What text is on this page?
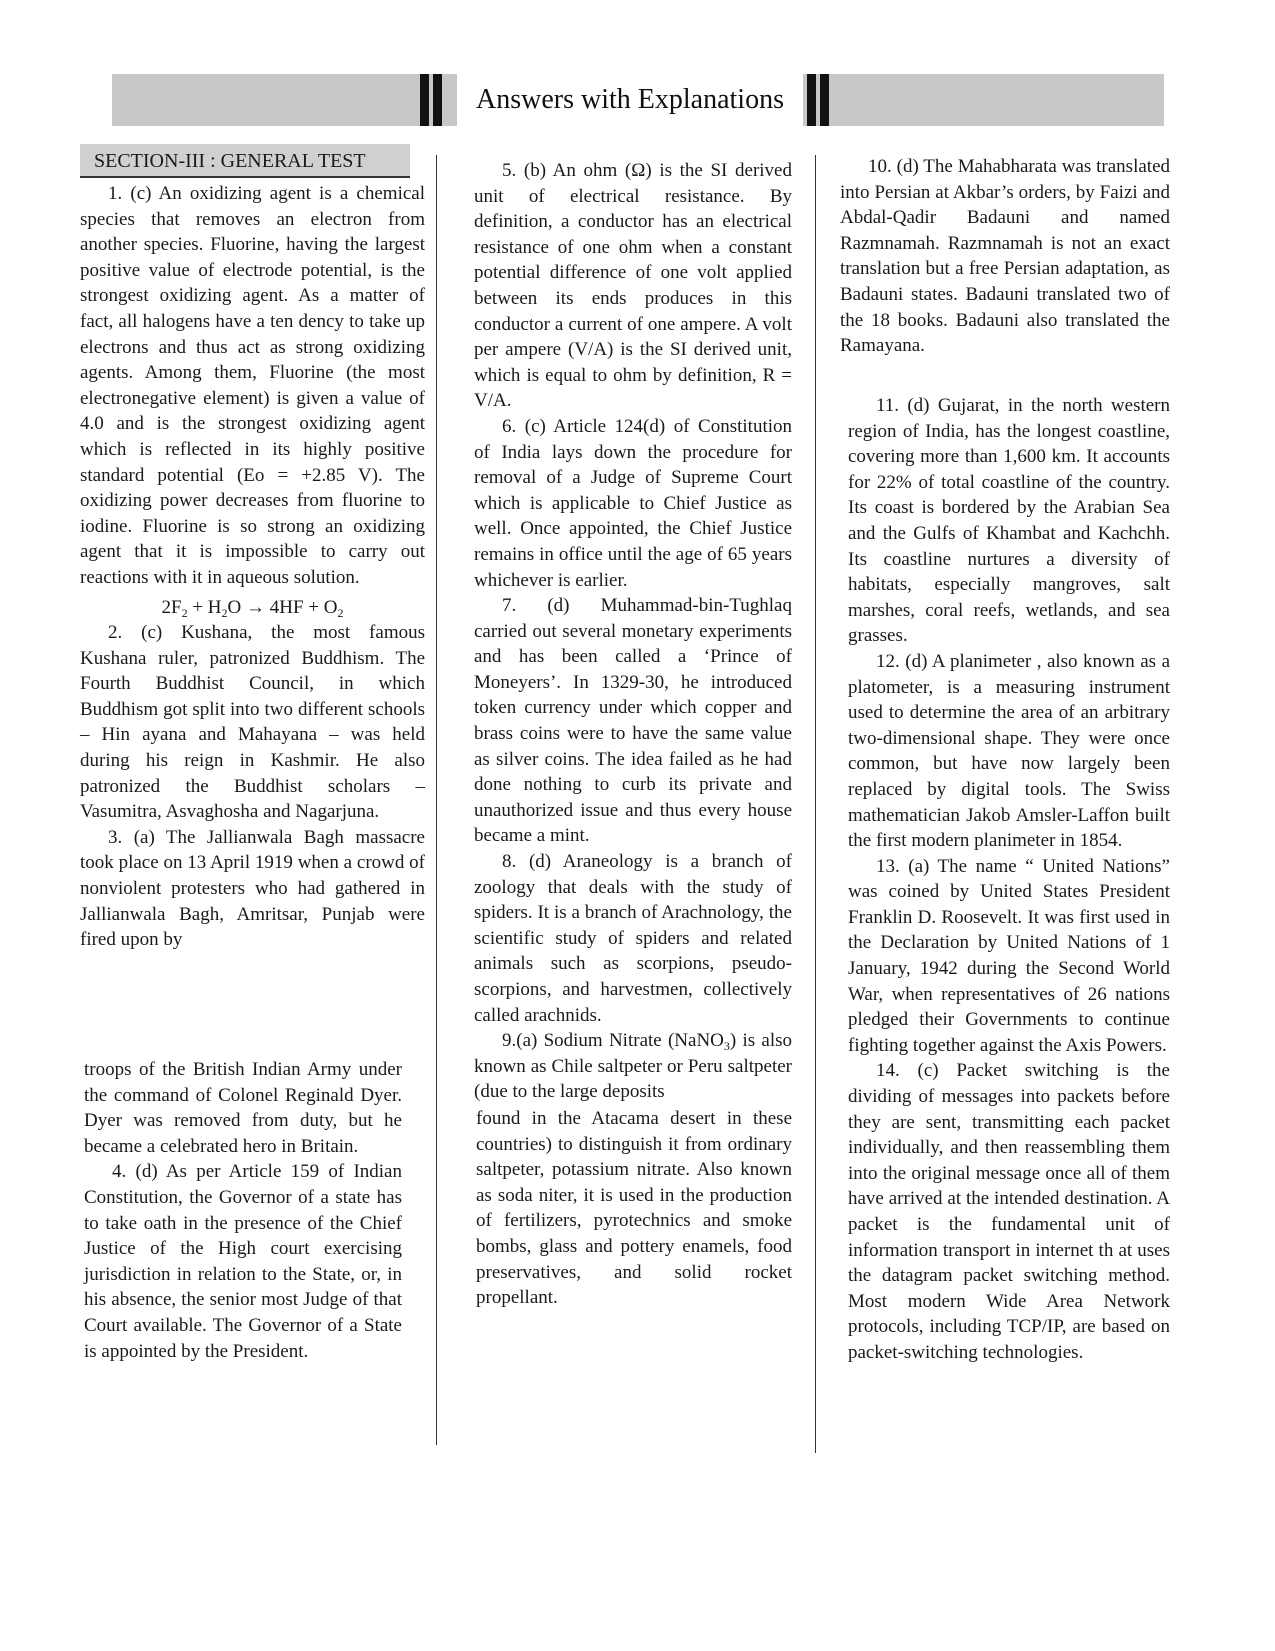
Answers with Explanations
SECTION-III : GENERAL TEST

1. (c) An oxidizing agent is a chemical species that removes an electron from another species. Fluorine, having the largest positive value of electrode potential, is the strongest oxidizing agent. As a matter of fact, all halogens have a ten dency to take up electrons and thus act as strong oxidizing agents. Among them, Fluorine (the most electronegative element) is given a value of 4.0 and is the strongest oxidizing agent which is reflected in its highly positive standard potential (Eo = +2.85 V). The oxidizing power decreases from fluorine to iodine. Fluorine is so strong an oxidizing agent that it is impossible to carry out reactions with it in aqueous solution.

$2F_2 + H_2O \to 4HF + O_2$

2. (c) Kushana, the most famous Kushana ruler, patronized Buddhism. The Fourth Buddhist Council, in which Buddhism got split into two different schools – Hin ayana and Mahayana – was held during his reign in Kashmir. He also patronized the Buddhist scholars – Vasumitra, Asvaghosha and Nagarjuna.

3. (a) The Jallianwala Bagh massacre took place on 13 April 1919 when a crowd of nonviolent protesters who had gathered in Jallianwala Bagh, Amritsar, Punjab were fired upon by

troops of the British Indian Army under the command of Colonel Reginald Dyer. Dyer was removed from duty, but he became a celebrated hero in Britain.

4. (d) As per Article 159 of Indian Constitution, the Governor of a state has to take oath in the presence of the Chief Justice of the High court exercising jurisdiction in relation to the State, or, in his absence, the senior most Judge of that Court available. The Governor of a State is appointed by the President.

5. (b) An ohm (Ω) is the SI derived unit of electrical resistance. By definition, a conductor has an electrical resistance of one ohm when a constant potential difference of one volt applied between its ends produces in this conductor a current of one ampere. A volt per ampere (V/A) is the SI derived unit, which is equal to ohm by definition, R = V/A.

6. (c) Article 124(d) of Constitution of India lays down the procedure for removal of a Judge of Supreme Court which is applicable to Chief Justice as well. Once appointed, the Chief Justice remains in office until the age of 65 years whichever is earlier.

7. (d) Muhammad-bin-Tughlaq carried out several monetary experiments and has been called a ‘Prince of Moneyers’. In 1329-30, he introduced token currency under which copper and brass coins were to have the same value as silver coins. The idea failed as he had done nothing to curb its private and unauthorized issue and thus every house became a mint.

8. (d) Araneology is a branch of zoology that deals with the study of spiders. It is a branch of Arachnology, the scientific study of spiders and related animals such as scorpions, pseudo-scorpions, and harvestmen, collectively called arachnids.

9.(a) Sodium Nitrate (NaNO$_3$) is also known as Chile saltpeter or Peru saltpeter (due to the large deposits

found in the Atacama desert in these countries) to distinguish it from ordinary saltpeter, potassium nitrate. Also known as soda niter, it is used in the production of fertilizers, pyrotechnics and smoke bombs, glass and pottery enamels, food preservatives, and solid rocket propellant.

10. (d) The Mahabharata was translated into Persian at Akbar’s orders, by Faizi and Abdal-Qadir Badauni and named Razmnamah. Razmnamah is not an exact translation but a free Persian adaptation, as Badauni states. Badauni translated two of the 18 books. Badauni also translated the Ramayana.

11. (d) Gujarat, in the north western region of India, has the longest coastline, covering more than 1,600 km. It accounts for 22% of total coastline of the country. Its coast is bordered by the Arabian Sea and the Gulfs of Khambat and Kachchh. Its coastline nurtures a diversity of habitats, especially mangroves, salt marshes, coral reefs, wetlands, and sea grasses.

12. (d) A planimeter , also known as a platometer, is a measuring instrument used to determine the area of an arbitrary two-dimensional shape. They were once common, but have now largely been replaced by digital tools. The Swiss mathematician Jakob Amsler-Laffon built the first modern planimeter in 1854.

13. (a) The name “ United Nations” was coined by United States President Franklin D. Roosevelt. It was first used in the Declaration by United Nations of 1 January, 1942 during the Second World War, when representatives of 26 nations pledged their Governments to continue fighting together against the Axis Powers.

14. (c) Packet switching is the dividing of messages into packets before they are sent, transmitting each packet individually, and then reassembling them into the original message once all of them have arrived at the intended destination. A packet is the fundamental unit of information transport in internet th at uses the datagram packet switching method. Most modern Wide Area Network protocols, including TCP/IP, are based on packet-switching technologies.
